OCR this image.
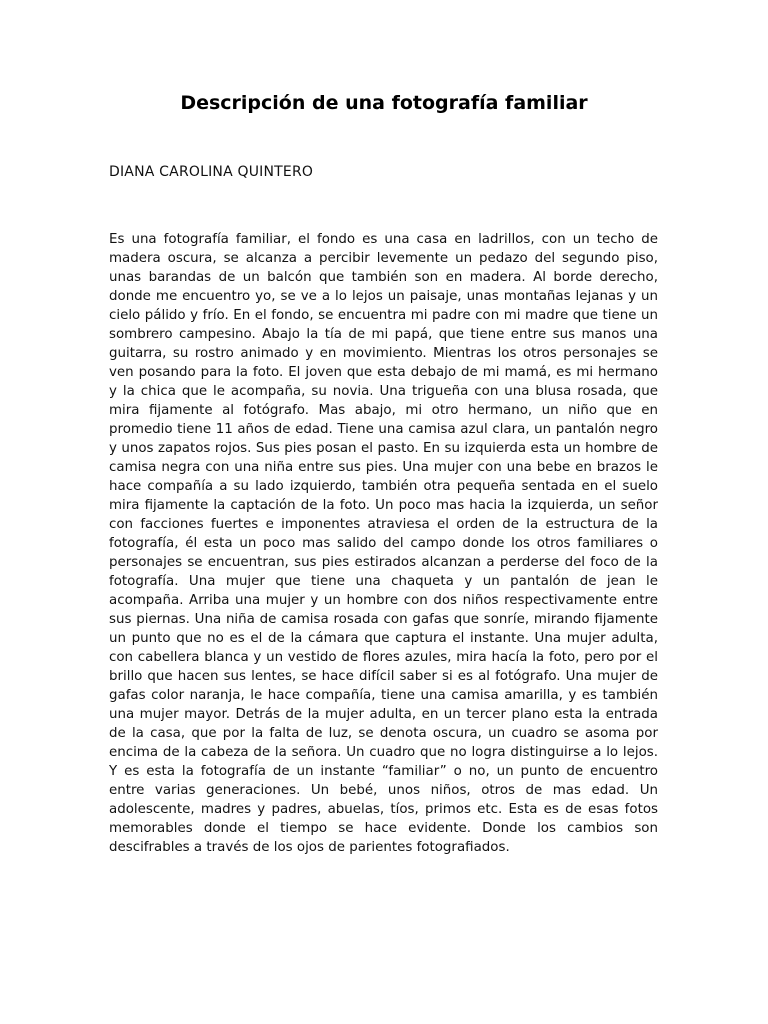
Descripción de una fotografía familiar

DIANA CAROLINA QUINTERO

Es una fotografía familiar, el fondo es una casa en ladrillos, con un techo de madera oscura, se alcanza a percibir levemente un pedazo del segundo piso, unas barandas de un balcón que también son en madera. Al borde derecho, donde me encuentro yo, se ve a lo lejos un paisaje, unas montañas lejanas y un cielo pálido y frío. En el fondo, se encuentra mi padre con mi madre que tiene un sombrero campesino. Abajo la tía de mi papá, que tiene entre sus manos una guitarra, su rostro animado y en movimiento. Mientras los otros personajes se ven posando para la foto. El joven que esta debajo de mi mamá, es mi hermano y la chica que le acompaña, su novia. Una trigueña con una blusa rosada, que mira fijamente al fotógrafo. Mas abajo, mi otro hermano, un niño que en promedio tiene 11 años de edad. Tiene una camisa azul clara, un pantalón negro y unos zapatos rojos. Sus pies posan el pasto. En su izquierda esta un hombre de camisa negra con una niña entre sus pies. Una mujer con una bebe en brazos le hace compañía a su lado izquierdo, también otra pequeña sentada en el suelo mira fijamente la captación de la foto. Un poco mas hacia la izquierda, un señor con facciones fuertes e imponentes atraviesa el orden de la estructura de la fotografía, él esta un poco mas salido del campo donde los otros familiares o personajes se encuentran, sus pies estirados alcanzan a perderse del foco de la fotografía. Una mujer que tiene una chaqueta y un pantalón de jean le acompaña. Arriba una mujer y un hombre con dos niños respectivamente entre sus piernas. Una niña de camisa rosada con gafas que sonríe, mirando fijamente un punto que no es el de la cámara que captura el instante. Una mujer adulta, con cabellera blanca y un vestido de flores azules, mira hacía la foto, pero por el brillo que hacen sus lentes, se hace difícil saber si es al fotógrafo. Una mujer de gafas color naranja, le hace compañía, tiene una camisa amarilla, y es también una mujer mayor. Detrás de la mujer adulta, en un tercer plano esta la entrada de la casa, que por la falta de luz, se denota oscura, un cuadro se asoma por encima de la cabeza de la señora. Un cuadro que no logra distinguirse a lo lejos. Y es esta la fotografía de un instante “familiar” o no, un punto de encuentro entre varias generaciones. Un bebé, unos niños, otros de mas edad. Un adolescente, madres y padres, abuelas, tíos, primos etc. Esta es de esas fotos memorables donde el tiempo se hace evidente. Donde los cambios son descifrables a través de los ojos de parientes fotografiados.
